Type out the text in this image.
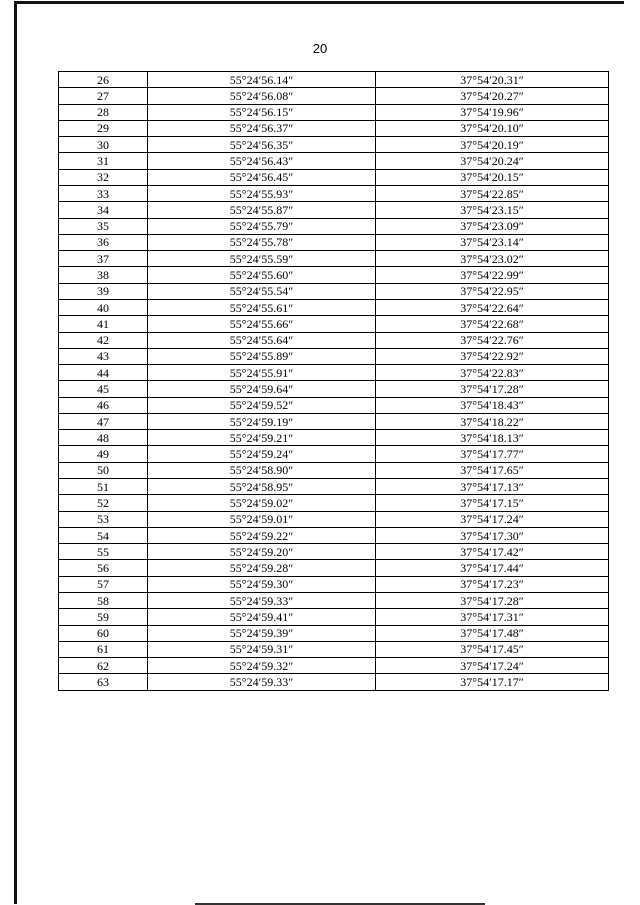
20
26	55°24′56.14″	37°54′20.31″
27	55°24′56.08″	37°54′20.27″
28	55°24′56.15″	37°54′19.96″
29	55°24′56.37″	37°54′20.10″
30	55°24′56.35″	37°54′20.19″
31	55°24′56.43″	37°54′20.24″
32	55°24′56.45″	37°54′20.15″
33	55°24′55.93″	37°54′22.85″
34	55°24′55.87″	37°54′23.15″
35	55°24′55.79″	37°54′23.09″
36	55°24′55.78″	37°54′23.14″
37	55°24′55.59″	37°54′23.02″
38	55°24′55.60″	37°54′22.99″
39	55°24′55.54″	37°54′22.95″
40	55°24′55.61″	37°54′22.64″
41	55°24′55.66″	37°54′22.68″
42	55°24′55.64″	37°54′22.76″
43	55°24′55.89″	37°54′22.92″
44	55°24′55.91″	37°54′22.83″
45	55°24′59.64″	37°54′17.28″
46	55°24′59.52″	37°54′18.43″
47	55°24′59.19″	37°54′18.22″
48	55°24′59.21″	37°54′18.13″
49	55°24′59.24″	37°54′17.77″
50	55°24′58.90″	37°54′17.65″
51	55°24′58.95″	37°54′17.13″
52	55°24′59.02″	37°54′17.15″
53	55°24′59.01″	37°54′17.24″
54	55°24′59.22″	37°54′17.30″
55	55°24′59.20″	37°54′17.42″
56	55°24′59.28″	37°54′17.44″
57	55°24′59.30″	37°54′17.23″
58	55°24′59.33″	37°54′17.28″
59	55°24′59.41″	37°54′17.31″
60	55°24′59.39″	37°54′17.48″
61	55°24′59.31″	37°54′17.45″
62	55°24′59.32″	37°54′17.24″
63	55°24′59.33″	37°54′17.17″
